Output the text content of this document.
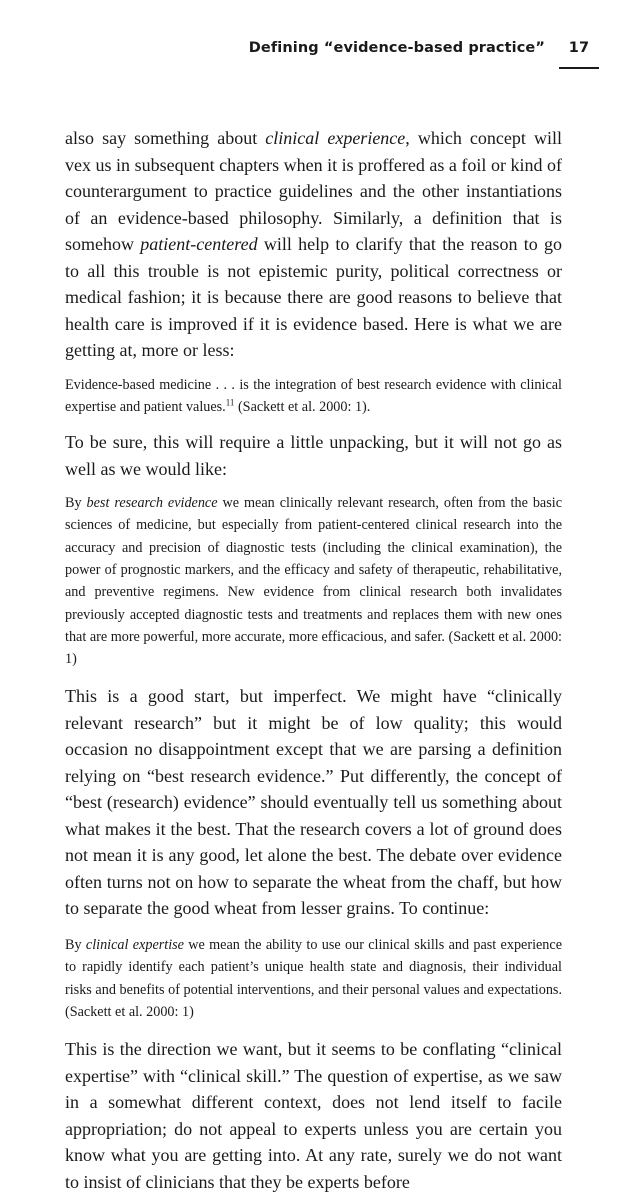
Defining “evidence-based practice”	17

also say something about clinical experience, which concept will vex us in subsequent chapters when it is proffered as a foil or kind of counterargument to practice guidelines and the other instantiations of an evidence-based philosophy. Similarly, a definition that is somehow patient-centered will help to clarify that the reason to go to all this trouble is not epistemic purity, political correctness or medical fashion; it is because there are good reasons to believe that health care is improved if it is evidence based. Here is what we are getting at, more or less:

Evidence-based medicine . . . is the integration of best research evidence with clinical expertise and patient values.$^{11}$ (Sackett et al. 2000: 1).

To be sure, this will require a little unpacking, but it will not go as well as we would like:

By best research evidence we mean clinically relevant research, often from the basic sciences of medicine, but especially from patient-centered clinical research into the accuracy and precision of diagnostic tests (including the clinical examination), the power of prognostic markers, and the efficacy and safety of therapeutic, rehabilitative, and preventive regimens. New evidence from clinical research both invalidates previously accepted diagnostic tests and treatments and replaces them with new ones that are more powerful, more accurate, more efficacious, and safer. (Sackett et al. 2000: 1)

This is a good start, but imperfect. We might have “clinically relevant research” but it might be of low quality; this would occasion no disappointment except that we are parsing a definition relying on “best research evidence.” Put differently, the concept of “best (research) evidence” should eventually tell us something about what makes it the best. That the research covers a lot of ground does not mean it is any good, let alone the best. The debate over evidence often turns not on how to separate the wheat from the chaff, but how to separate the good wheat from lesser grains. To continue:

By clinical expertise we mean the ability to use our clinical skills and past experience to rapidly identify each patient’s unique health state and diagnosis, their individual risks and benefits of potential interventions, and their personal values and expectations. (Sackett et al. 2000: 1)

This is the direction we want, but it seems to be conflating “clinical expertise” with “clinical skill.” The question of expertise, as we saw in a somewhat different context, does not lend itself to facile appropriation; do not appeal to experts unless you are certain you know what you are getting into. At any rate, surely we do not want to insist of clinicians that they be experts before
